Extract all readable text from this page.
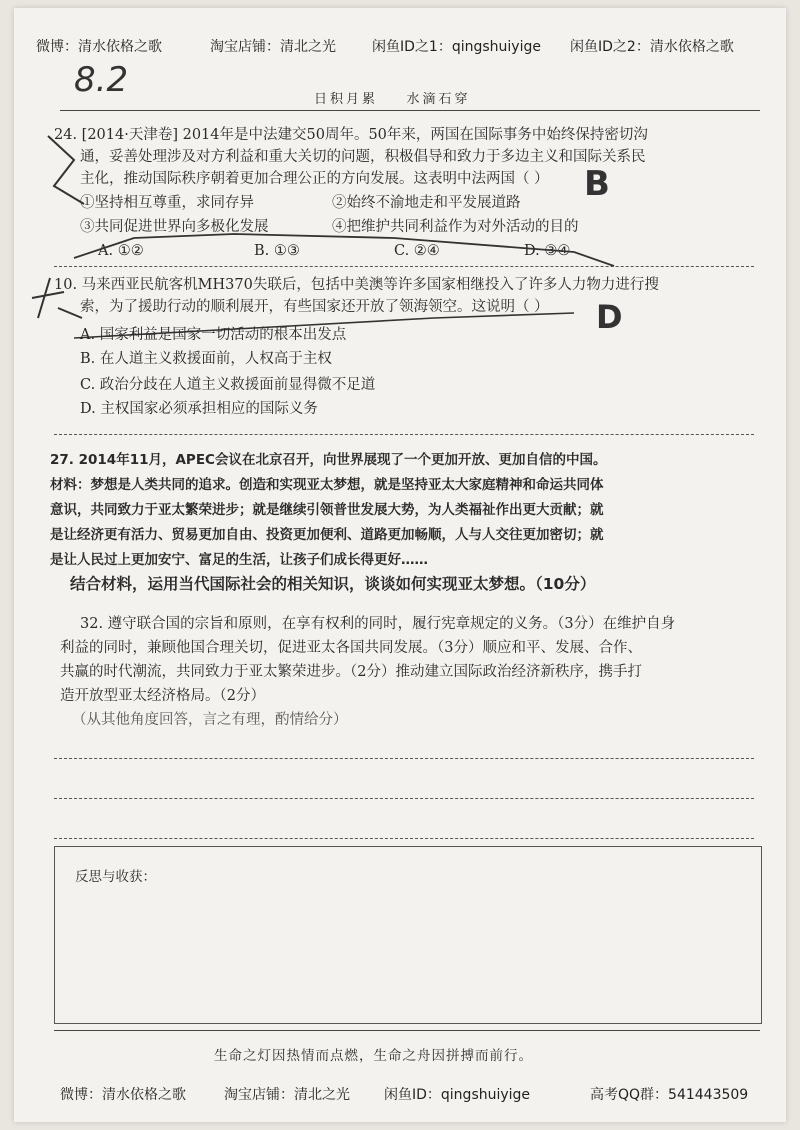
微博：清水依格之歌	淘宝店铺：清北之光	闲鱼ID之1：qingshuiyige 闲鱼ID之2：清水依格之歌
8.2	日积月累    水滴石穿
24. [2014·天津卷] 2014年是中法建交50周年。50年来，两国在国际事务中始终保持密切沟
通，妥善处理涉及对方利益和重大关切的问题，积极倡导和致力于多边主义和国际关系民
主化，推动国际秩序朝着更加合理公正的方向发展。这表明中法两国（ ）
①坚持相互尊重，求同存异	②始终不渝地走和平发展道路
③共同促进世界向多极化发展	④把维护共同利益作为对外活动的目的
A. ①②	B. ①③	C. ②④	D. ③④
B
10. 马来西亚民航客机MH370失联后，包括中美澳等许多国家相继投入了许多人力物力进行搜
索，为了援助行动的顺利展开，有些国家还开放了领海领空。这说明（ ）
A. 国家利益是国家一切活动的根本出发点
B. 在人道主义救援面前，人权高于主权
C. 政治分歧在人道主义救援面前显得微不足道
D. 主权国家必须承担相应的国际义务
D
27. 2014年11月，APEC会议在北京召开，向世界展现了一个更加开放、更加自信的中国。
材料：梦想是人类共同的追求。创造和实现亚太梦想，就是坚持亚太大家庭精神和命运共同体
意识，共同致力于亚太繁荣进步；就是继续引领普世发展大势，为人类福祉作出更大贡献；就
是让经济更有活力、贸易更加自由、投资更加便利、道路更加畅顺，人与人交往更加密切；就
是让人民过上更加安宁、富足的生活，让孩子们成长得更好……
结合材料，运用当代国际社会的相关知识，谈谈如何实现亚太梦想。（10分）
32. 遵守联合国的宗旨和原则，在享有权利的同时，履行宪章规定的义务。（3分）在维护自身
利益的同时，兼顾他国合理关切，促进亚太各国共同发展。（3分）顺应和平、发展、合作、
共赢的时代潮流，共同致力于亚太繁荣进步。（2分）推动建立国际政治经济新秩序，携手打
造开放型亚太经济格局。（2分）
（从其他角度回答，言之有理，酌情给分）
反思与收获：
生命之灯因热情而点燃，生命之舟因拼搏而前行。
微博：清水依格之歌	淘宝店铺：清北之光 闲鱼ID：qingshuiyige	高考QQ群：541443509
